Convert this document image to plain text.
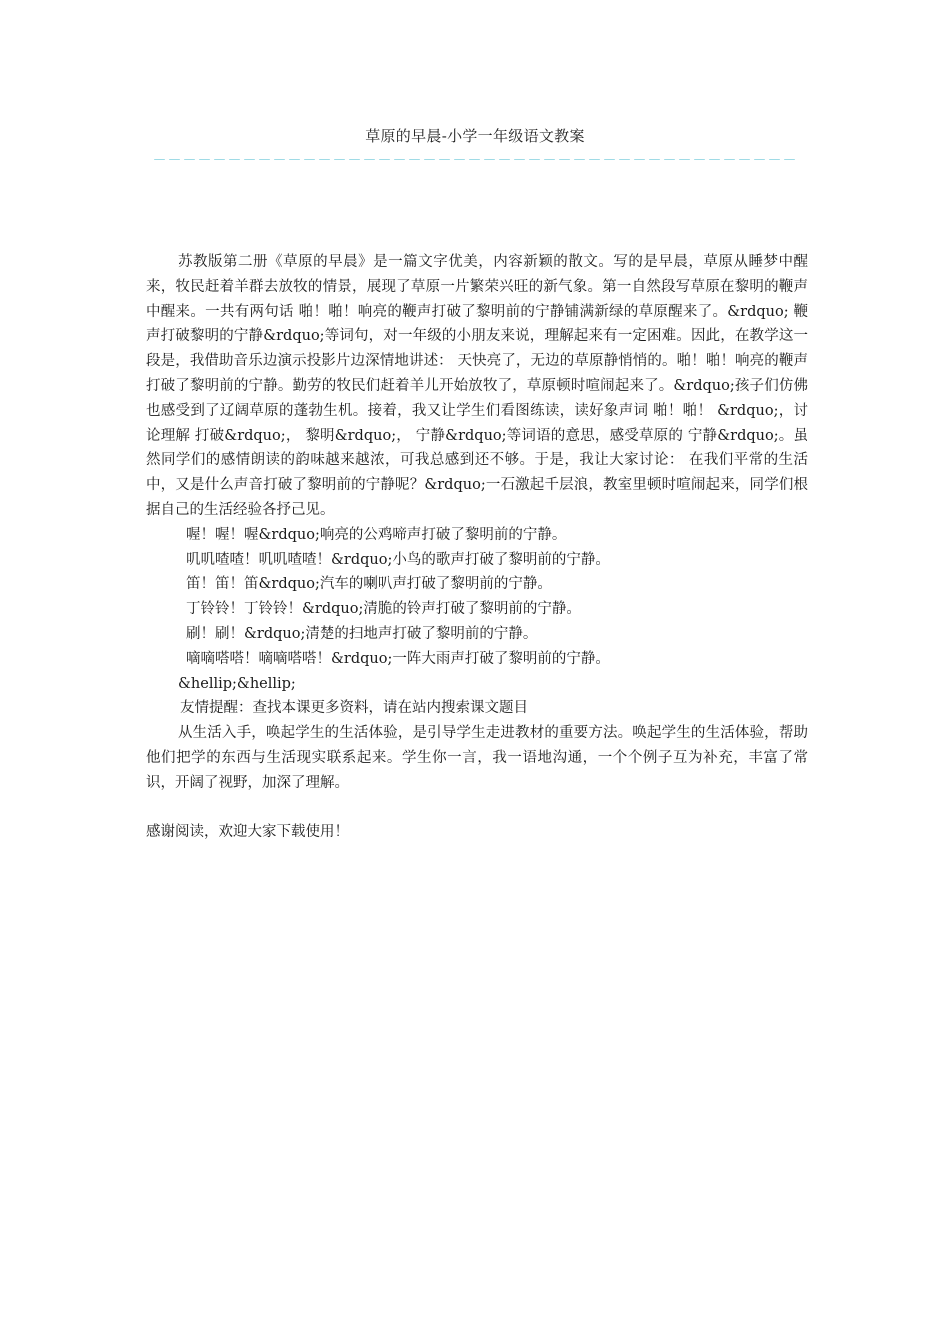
草原的早晨-小学一年级语文教案
－－－－－－－－－－－－－－－－－－－－－－－－－－－－－－－－－－－－－－－－－－－

苏教版第二册《草原的早晨》是一篇文字优美，内容新颖的散文。写的是早晨，草原从睡梦中醒来，牧民赶着羊群去放牧的情景，展现了草原一片繁荣兴旺的新气象。第一自然段写草原在黎明的鞭声中醒来。一共有两句话 啪！啪！响亮的鞭声打破了黎明前的宁静铺满新绿的草原醒来了。&rdquo; 鞭声打破黎明的宁静&rdquo;等词句，对一年级的小朋友来说，理解起来有一定困难。因此，在教学这一段是，我借助音乐边演示投影片边深情地讲述： 天快亮了，无边的草原静悄悄的。啪！啪！响亮的鞭声打破了黎明前的宁静。勤劳的牧民们赶着羊儿开始放牧了，草原顿时喧闹起来了。&rdquo;孩子们仿佛也感受到了辽阔草原的蓬勃生机。接着，我又让学生们看图练读，读好象声词 啪！啪！ &rdquo;，讨论理解 打破&rdquo;， 黎明&rdquo;， 宁静&rdquo;等词语的意思，感受草原的 宁静&rdquo;。虽然同学们的感情朗读的韵味越来越浓，可我总感到还不够。于是，我让大家讨论： 在我们平常的生活中，又是什么声音打破了黎明前的宁静呢？&rdquo;一石激起千层浪，教室里顿时喧闹起来，同学们根据自己的生活经验各抒己见。

喔！喔！喔&rdquo;响亮的公鸡啼声打破了黎明前的宁静。

叽叽喳喳！叽叽喳喳！&rdquo;小鸟的歌声打破了黎明前的宁静。

笛！笛！笛&rdquo;汽车的喇叭声打破了黎明前的宁静。

丁铃铃！丁铃铃！&rdquo;清脆的铃声打破了黎明前的宁静。

刷！刷！&rdquo;清楚的扫地声打破了黎明前的宁静。

嘀嘀嗒嗒！嘀嘀嗒嗒！&rdquo;一阵大雨声打破了黎明前的宁静。

&hellip;&hellip;

友情提醒：查找本课更多资料，请在站内搜索课文题目

从生活入手，唤起学生的生活体验，是引导学生走进教材的重要方法。唤起学生的生活体验，帮助他们把学的东西与生活现实联系起来。学生你一言，我一语地沟通，一个个例子互为补充，丰富了常识，开阔了视野，加深了理解。

感谢阅读，欢迎大家下载使用！
